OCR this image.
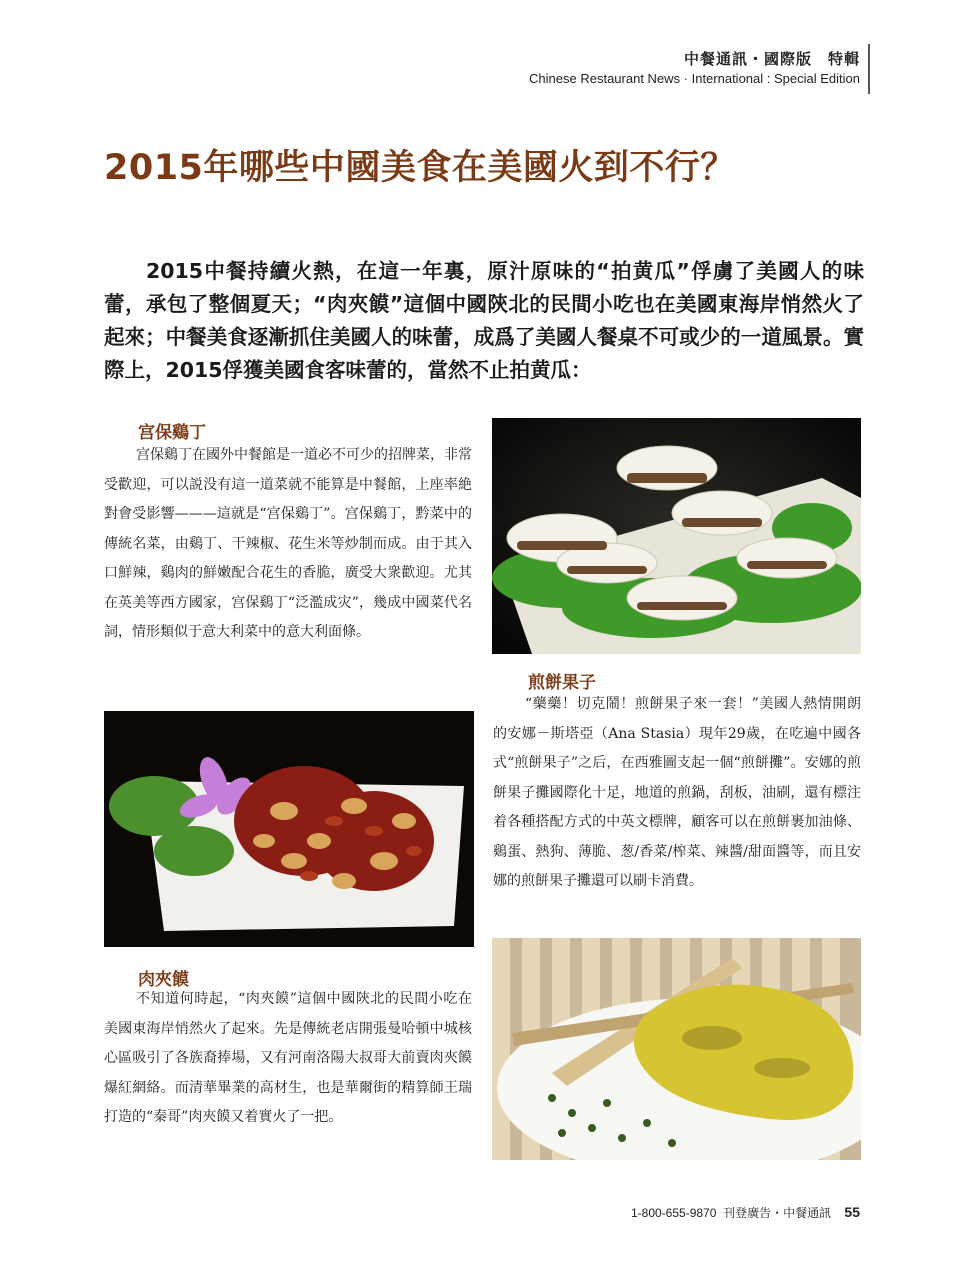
中餐通訊・國際版　特輯
Chinese Restaurant News · International : Special Edition
2015年哪些中國美食在美國火到不行？
2015中餐持續火熱，在這一年裏，原汁原味的“拍黄瓜”俘虜了美國人的味蕾，承包了整個夏天；“肉夾饃”這個中國陝北的民間小吃也在美國東海岸悄然火了起來；中餐美食逐漸抓住美國人的味蕾，成爲了美國人餐桌不可或少的一道風景。實際上，2015俘獲美國食客味蕾的，當然不止拍黄瓜：
宫保鷄丁
宫保鷄丁在國外中餐館是一道必不可少的招牌菜，非常受歡迎，可以説没有這一道菜就不能算是中餐館，上座率絶對會受影響———這就是“宫保鷄丁”。宫保鷄丁，黔菜中的傳統名菜，由鷄丁、干辣椒、花生米等炒制而成。由于其入口鮮辣，鷄肉的鮮嫩配合花生的香脆，廣受大衆歡迎。尤其在英美等西方國家，宫保鷄丁“泛濫成灾”，幾成中國菜代名詞，情形類似于意大利菜中的意大利面條。
煎餅果子
“藥藥！切克鬧！煎餅果子來一套！”美國人熱情開朗的安娜－斯塔亞（Ana Stasia）現年29歲，在吃遍中國各式“煎餅果子”之后，在西雅圖支起一個“煎餅攤”。安娜的煎餅果子攤國際化十足，地道的煎鍋，刮板，油刷，還有標注着各種搭配方式的中英文標牌，顧客可以在煎餅裹加油條、鷄蛋、熱狗、薄脆、葱/香菜/榨菜、辣醬/甜面醬等，而且安娜的煎餅果子攤還可以刷卡消費。
肉夾饃
不知道何時起，“肉夾饃”這個中國陝北的民間小吃在美國東海岸悄然火了起來。先是傳統老店開張曼哈頓中城核心區吸引了各族裔捧場，又有河南洛陽大叔哥大前賣肉夾饃爆紅網絡。而清華畢業的高材生，也是華爾街的精算師王瑞打造的“秦哥”肉夾饃又着實火了一把。
1-800-655-9870 刊登廣告・中餐通訊 55
